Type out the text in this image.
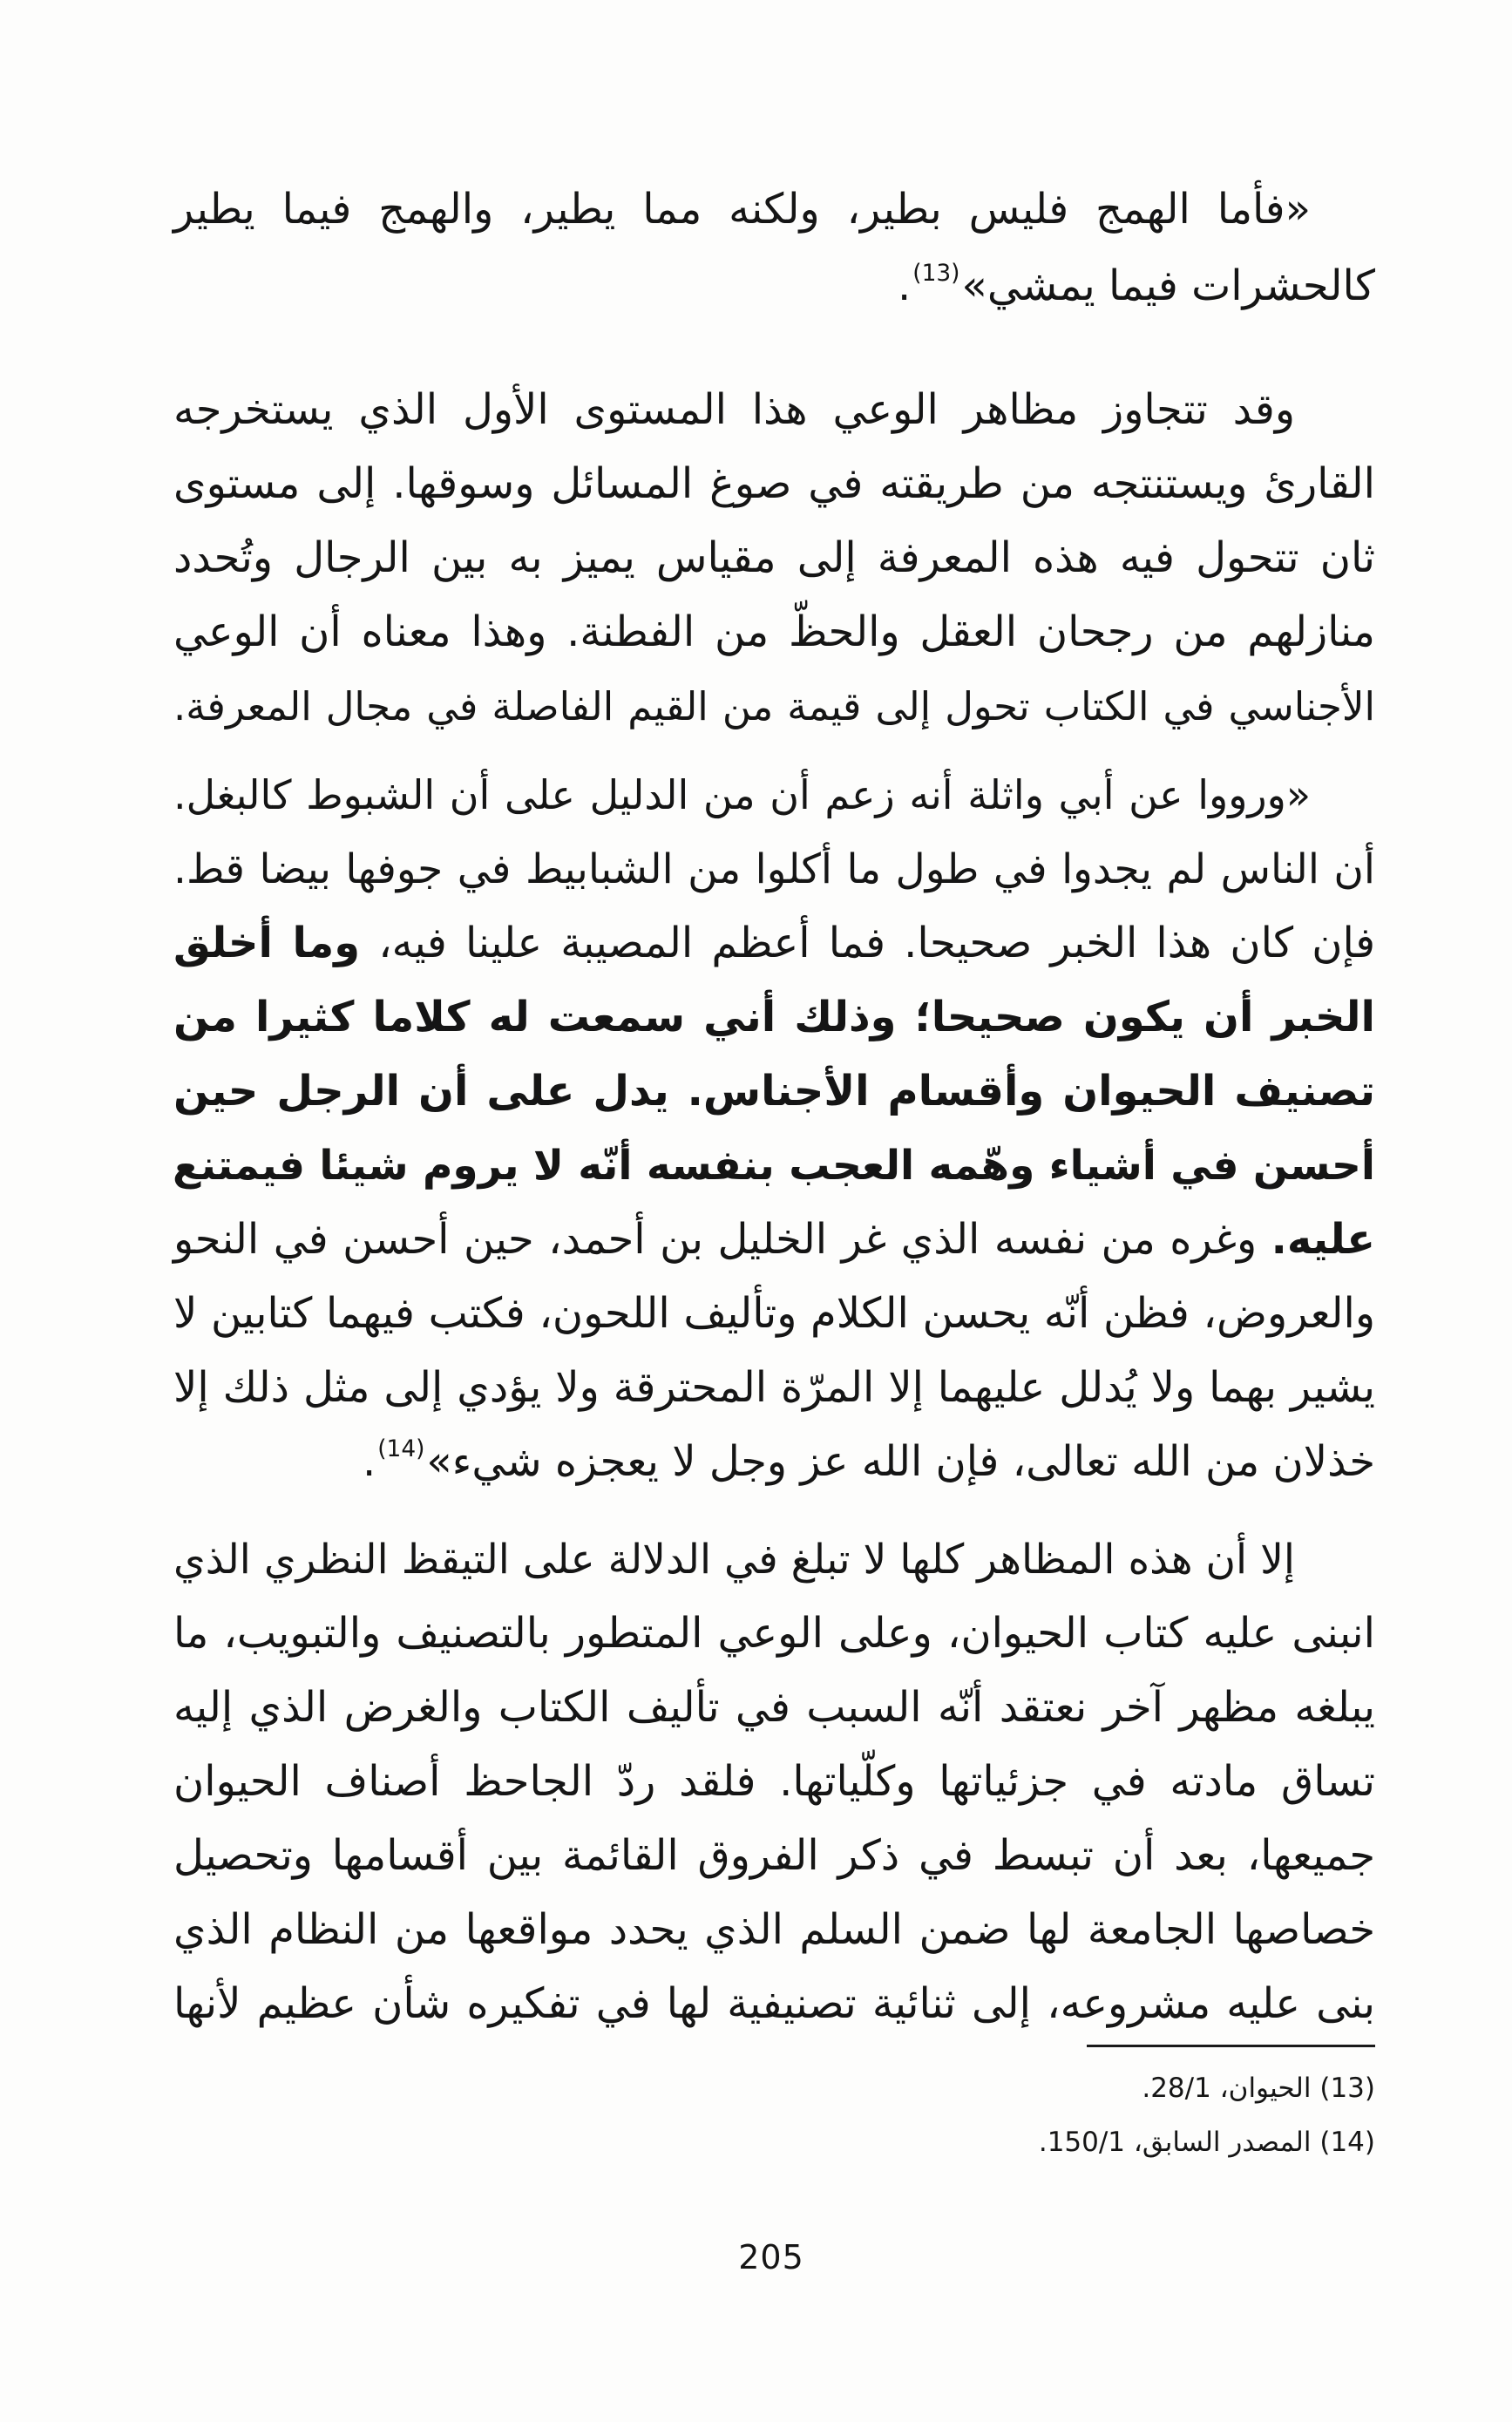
«فأما الهمج فليس بطير، ولكنه مما يطير، والهمج فيما يطير
كالحشرات فيما يمشي»$^{(13)}$.
وقد تتجاوز مظاهر الوعي هذا المستوى الأول الذي يستخرجه
القارئ ويستنتجه من طريقته في صوغ المسائل وسوقها. إلى مستوى
ثان تتحول فيه هذه المعرفة إلى مقياس يميز به بين الرجال وتُحدد
منازلهم من رجحان العقل والحظّ من الفطنة. وهذا معناه أن الوعي
الأجناسي في الكتاب تحول إلى قيمة من القيم الفاصلة في مجال المعرفة.
«ورووا عن أبي واثلة أنه زعم أن من الدليل على أن الشبوط كالبغل.
أن الناس لم يجدوا في طول ما أكلوا من الشبابيط في جوفها بيضا قط.
فإن كان هذا الخبر صحيحا. فما أعظم المصيبة علينا فيه، وما أخلق
الخبر أن يكون صحيحا؛ وذلك أني سمعت له كلاما كثيرا من
تصنيف الحيوان وأقسام الأجناس. يدل على أن الرجل حين
أحسن في أشياء وهّمه العجب بنفسه أنّه لا يروم شيئا فيمتنع
عليه. وغره من نفسه الذي غر الخليل بن أحمد، حين أحسن في النحو
والعروض، فظن أنّه يحسن الكلام وتأليف اللحون، فكتب فيهما كتابين لا
يشير بهما ولا يُدلل عليهما إلا المرّة المحترقة ولا يؤدي إلى مثل ذلك إلا
خذلان من الله تعالى، فإن الله عز وجل لا يعجزه شيء»$^{(14)}$.
إلا أن هذه المظاهر كلها لا تبلغ في الدلالة على التيقظ النظري الذي
انبنى عليه كتاب الحيوان، وعلى الوعي المتطور بالتصنيف والتبويب، ما
يبلغه مظهر آخر نعتقد أنّه السبب في تأليف الكتاب والغرض الذي إليه
تساق مادته في جزئياتها وكلّياتها. فلقد ردّ الجاحظ أصناف الحيوان
جميعها، بعد أن تبسط في ذكر الفروق القائمة بين أقسامها وتحصيل
خصاصها الجامعة لها ضمن السلم الذي يحدد مواقعها من النظام الذي
بنى عليه مشروعه، إلى ثنائية تصنيفية لها في تفكيره شأن عظيم لأنها
(13) الحيوان، 28/1.
(14) المصدر السابق، 150/1.
205
